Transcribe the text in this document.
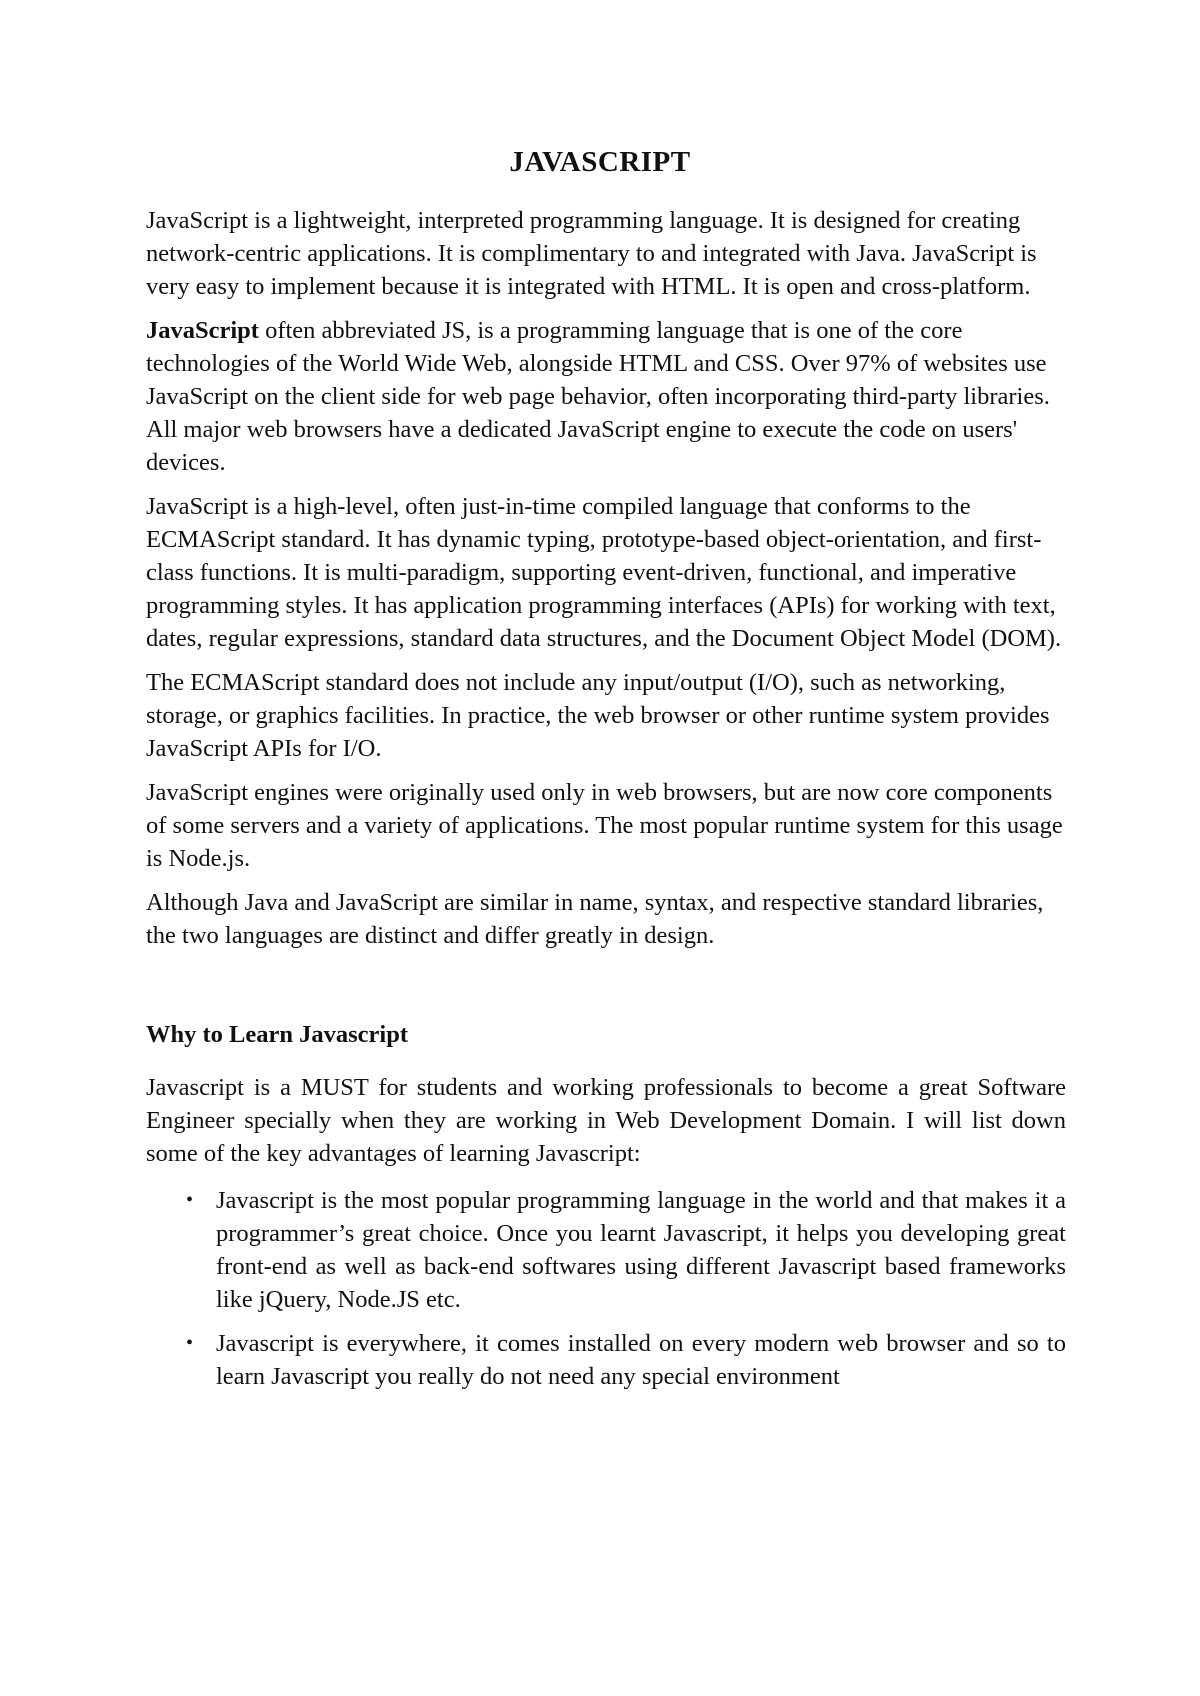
JAVASCRIPT

JavaScript is a lightweight, interpreted programming language. It is designed for creating network-centric applications. It is complimentary to and integrated with Java. JavaScript is very easy to implement because it is integrated with HTML. It is open and cross-platform.

JavaScript often abbreviated JS, is a programming language that is one of the core technologies of the World Wide Web, alongside HTML and CSS. Over 97% of websites use JavaScript on the client side for web page behavior, often incorporating third-party libraries. All major web browsers have a dedicated JavaScript engine to execute the code on users' devices.

JavaScript is a high-level, often just-in-time compiled language that conforms to the ECMAScript standard. It has dynamic typing, prototype-based object-orientation, and first-class functions. It is multi-paradigm, supporting event-driven, functional, and imperative programming styles. It has application programming interfaces (APIs) for working with text, dates, regular expressions, standard data structures, and the Document Object Model (DOM).

The ECMAScript standard does not include any input/output (I/O), such as networking, storage, or graphics facilities. In practice, the web browser or other runtime system provides JavaScript APIs for I/O.

JavaScript engines were originally used only in web browsers, but are now core components of some servers and a variety of applications. The most popular runtime system for this usage is Node.js.

Although Java and JavaScript are similar in name, syntax, and respective standard libraries, the two languages are distinct and differ greatly in design.

Why to Learn Javascript

Javascript is a MUST for students and working professionals to become a great Software Engineer specially when they are working in Web Development Domain. I will list down some of the key advantages of learning Javascript:

• Javascript is the most popular programming language in the world and that makes it a programmer’s great choice. Once you learnt Javascript, it helps you developing great front-end as well as back-end softwares using different Javascript based frameworks like jQuery, Node.JS etc.
• Javascript is everywhere, it comes installed on every modern web browser and so to learn Javascript you really do not need any special environment
